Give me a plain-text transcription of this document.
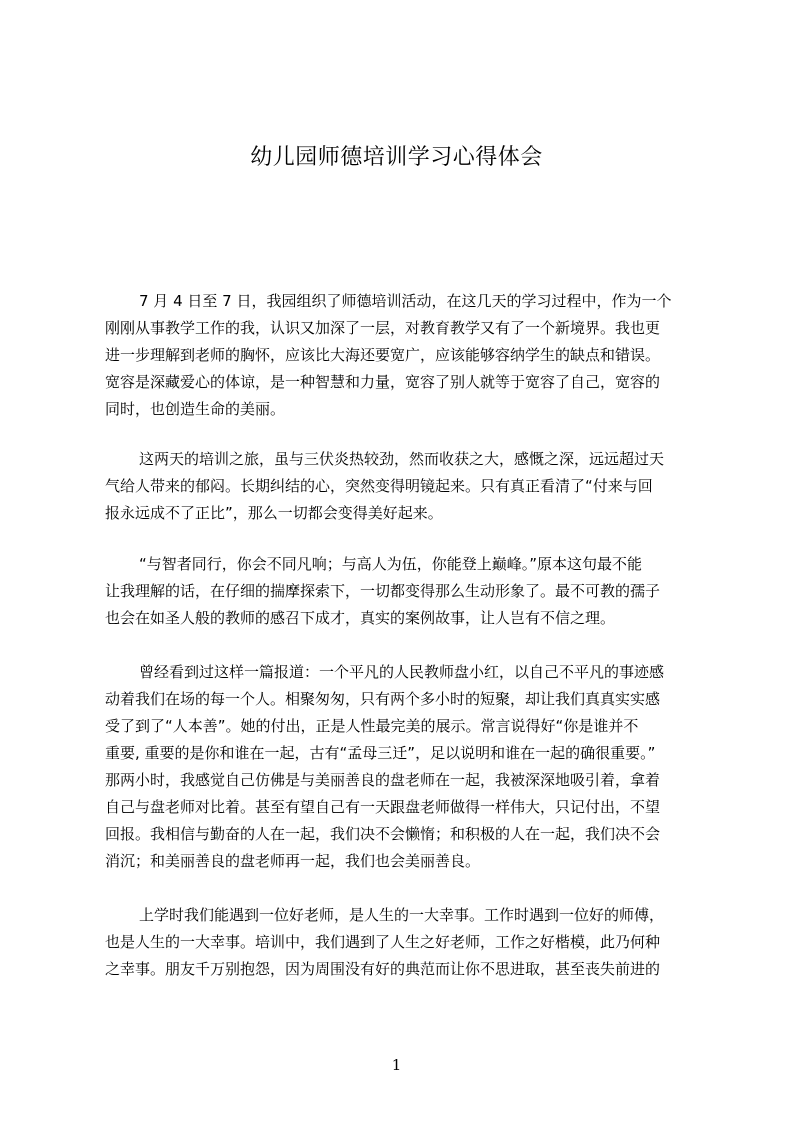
幼儿园师德培训学习心得体会
7 月 4 日至 7 日，我园组织了师德培训活动，在这几天的学习过程中，作为一个
刚刚从事教学工作的我，认识又加深了一层，对教育教学又有了一个新境界。我也更
进一步理解到老师的胸怀，应该比大海还要宽广，应该能够容纳学生的缺点和错误。
宽容是深藏爱心的体谅，是一种智慧和力量，宽容了别人就等于宽容了自己，宽容的
同时，也创造生命的美丽。
这两天的培训之旅，虽与三伏炎热较劲，然而收获之大，感慨之深，远远超过天
气给人带来的郁闷。长期纠结的心，突然变得明镜起来。只有真正看清了“付来与回
报永远成不了正比”，那么一切都会变得美好起来。
“与智者同行，你会不同凡响；与高人为伍，你能登上巅峰。”原本这句最不能
让我理解的话，在仔细的揣摩探索下，一切都变得那么生动形象了。最不可教的孺子
也会在如圣人般的教师的感召下成才，真实的案例故事，让人岂有不信之理。
曾经看到过这样一篇报道：一个平凡的人民教师盘小红，以自己不平凡的事迹感
动着我们在场的每一个人。相聚匆匆，只有两个多小时的短聚，却让我们真真实实感
受了到了“人本善”。她的付出，正是人性最完美的展示。常言说得好“你是谁并不
重要, 重要的是你和谁在一起，古有“孟母三迁”，足以说明和谁在一起的确很重要。”
那两小时，我感觉自己仿佛是与美丽善良的盘老师在一起，我被深深地吸引着，拿着
自己与盘老师对比着。甚至有望自己有一天跟盘老师做得一样伟大，只记付出，不望
回报。我相信与勤奋的人在一起，我们决不会懒惰；和积极的人在一起，我们决不会
消沉；和美丽善良的盘老师再一起，我们也会美丽善良。
上学时我们能遇到一位好老师，是人生的一大幸事。工作时遇到一位好的师傅，
也是人生的一大幸事。培训中，我们遇到了人生之好老师，工作之好楷模，此乃何种
之幸事。朋友千万别抱怨，因为周围没有好的典范而让你不思进取，甚至丧失前进的
1
